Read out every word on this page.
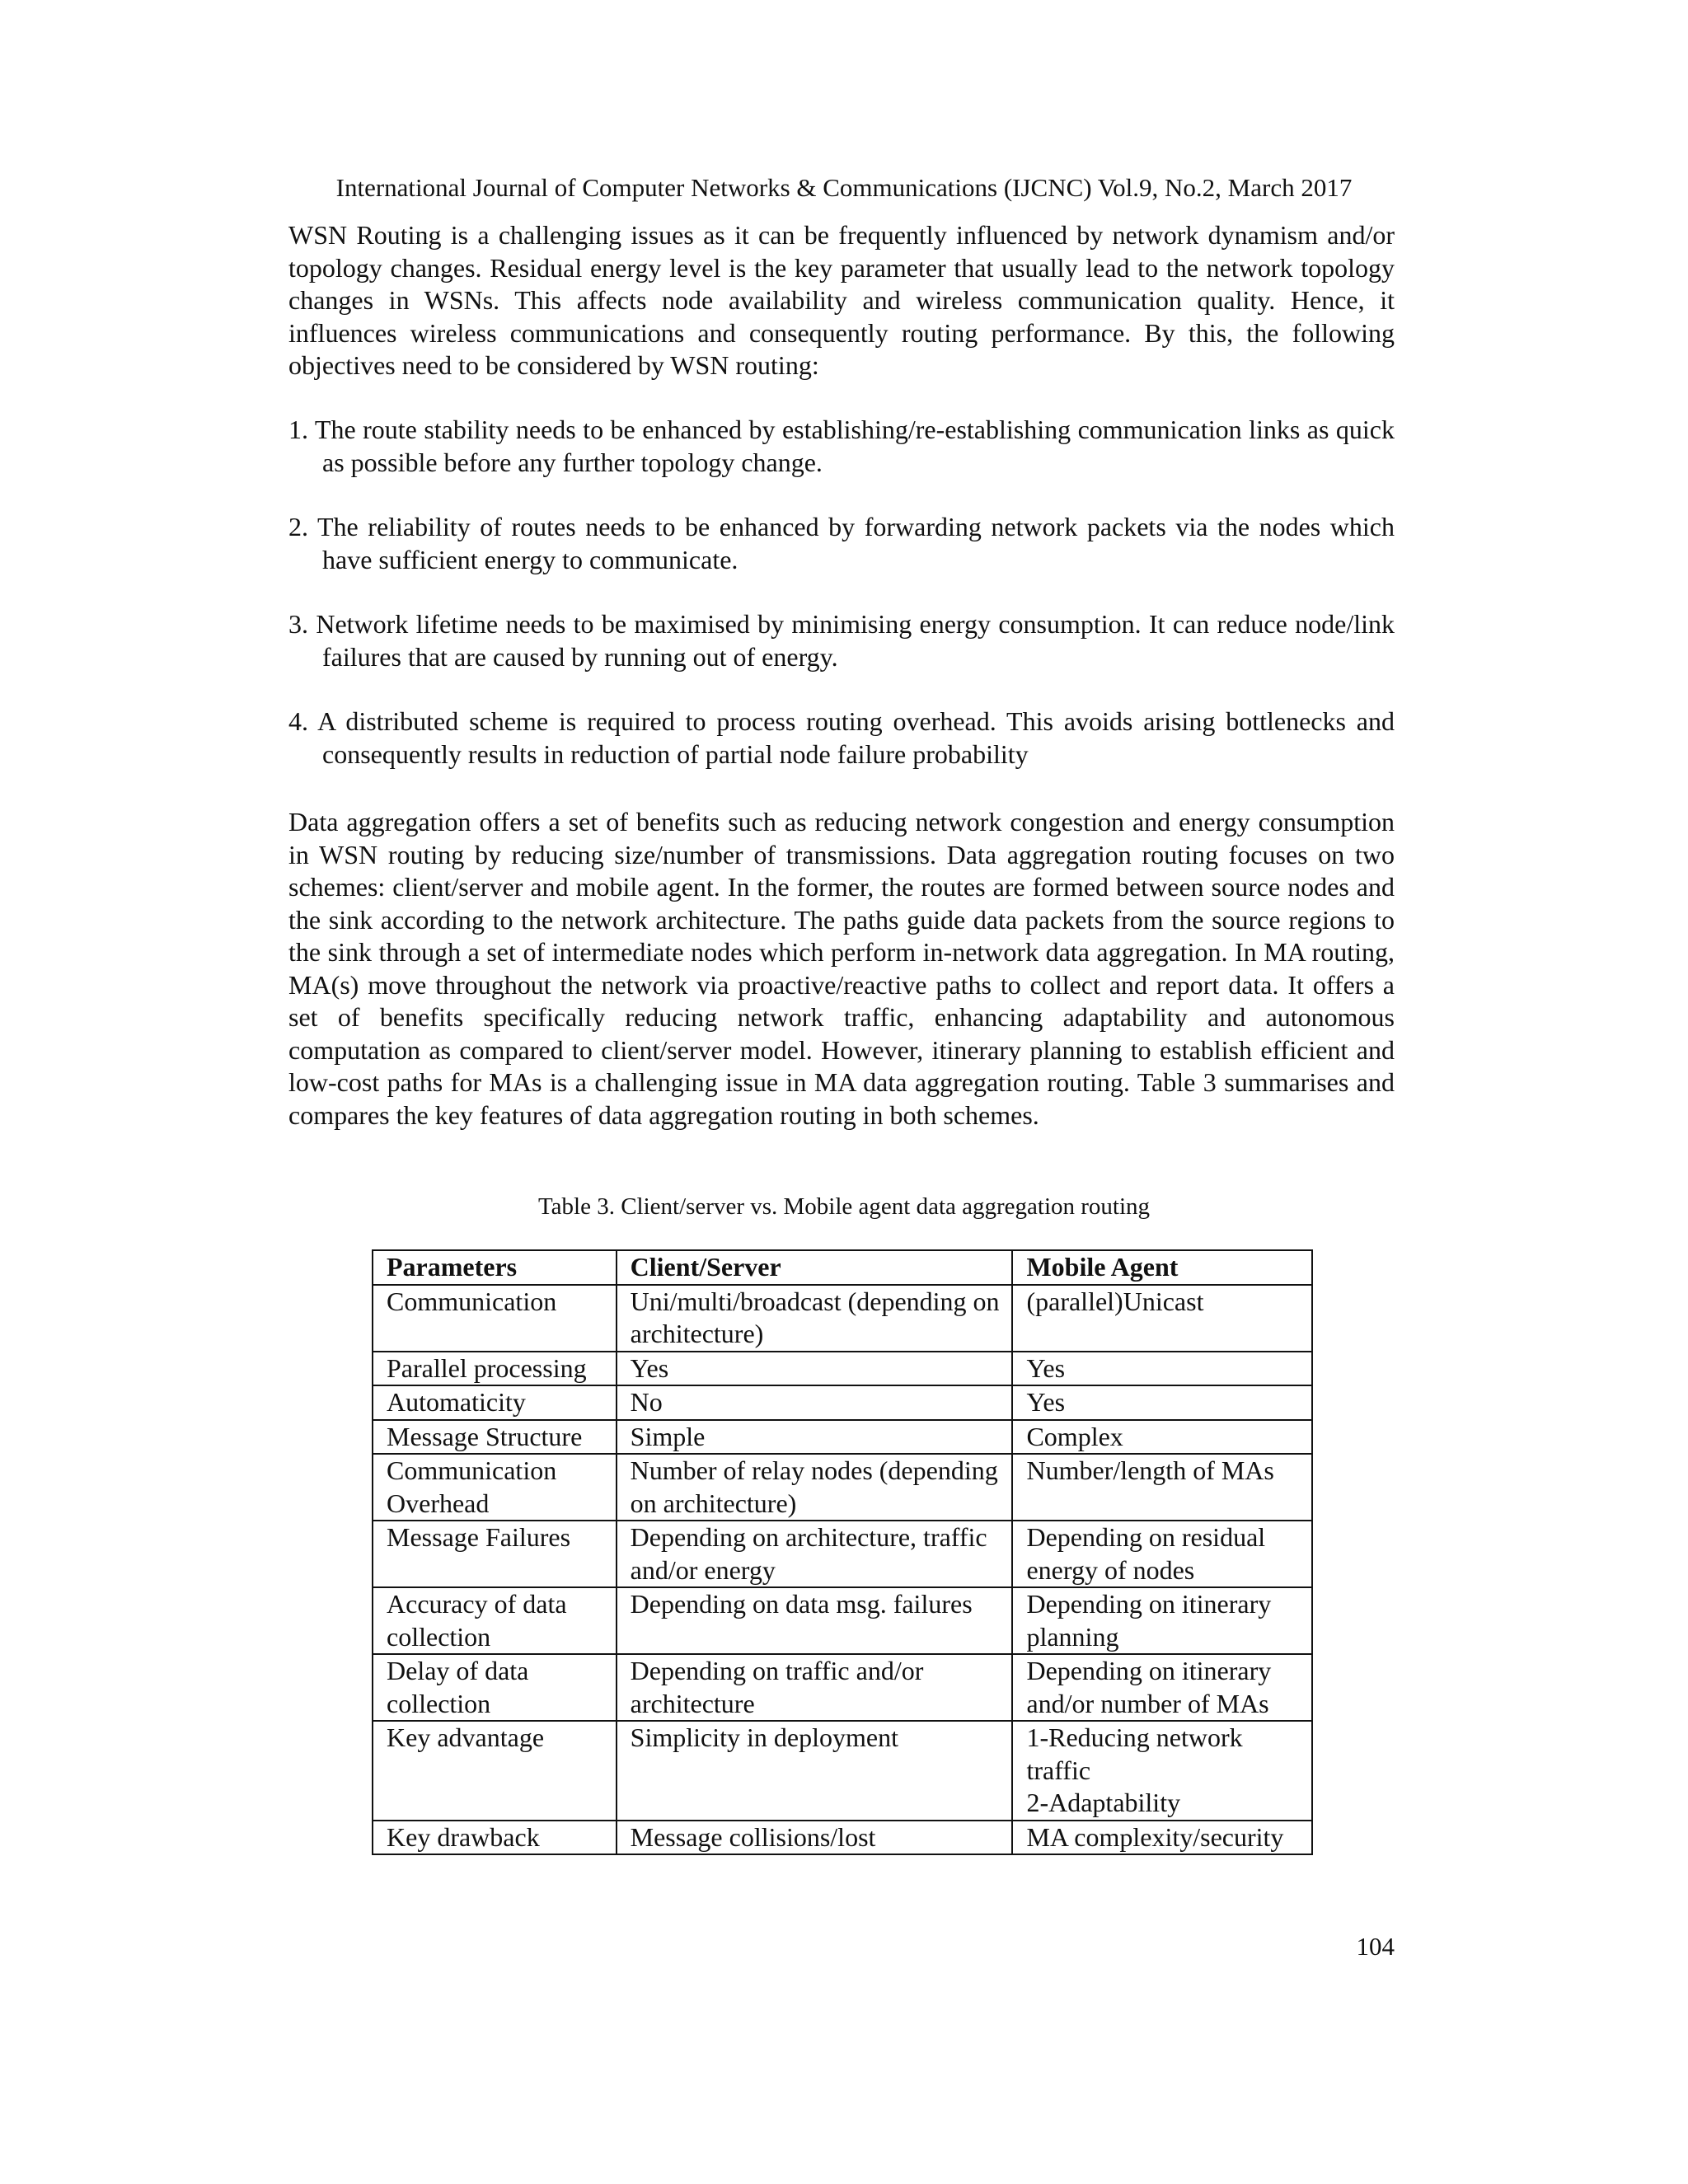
International Journal of Computer Networks & Communications (IJCNC) Vol.9, No.2, March 2017

WSN Routing is a challenging issues as it can be frequently influenced by network dynamism and/or topology changes. Residual energy level is the key parameter that usually lead to the network topology changes in WSNs. This affects node availability and wireless communication quality. Hence, it influences wireless communications and consequently routing performance. By this, the following objectives need to be considered by WSN routing:

1. The route stability needs to be enhanced by establishing/re-establishing communication links as quick as possible before any further topology change.

2. The reliability of routes needs to be enhanced by forwarding network packets via the nodes which have sufficient energy to communicate.

3. Network lifetime needs to be maximised by minimising energy consumption. It can reduce node/link failures that are caused by running out of energy.

4. A distributed scheme is required to process routing overhead. This avoids arising bottlenecks and consequently results in reduction of partial node failure probability

Data aggregation offers a set of benefits such as reducing network congestion and energy consumption in WSN routing by reducing size/number of transmissions. Data aggregation routing focuses on two schemes: client/server and mobile agent. In the former, the routes are formed between source nodes and the sink according to the network architecture. The paths guide data packets from the source regions to the sink through a set of intermediate nodes which perform in-network data aggregation. In MA routing, MA(s) move throughout the network via proactive/reactive paths to collect and report data. It offers a set of benefits specifically reducing network traffic, enhancing adaptability and autonomous computation as compared to client/server model. However, itinerary planning to establish efficient and low-cost paths for MAs is a challenging issue in MA data aggregation routing. Table 3 summarises and compares the key features of data aggregation routing in both schemes.

Table 3. Client/server vs. Mobile agent data aggregation routing
Parameters	Client/Server	Mobile Agent
Communication	Uni/multi/broadcast (depending on architecture)	(parallel)Unicast
Parallel processing	Yes	Yes
Automaticity	No	Yes
Message Structure	Simple	Complex
Communication Overhead	Number of relay nodes (depending on architecture)	Number/length of MAs
Message Failures	Depending on architecture, traffic and/or energy	Depending on residual energy of nodes
Accuracy of data collection	Depending on data msg. failures	Depending on itinerary planning
Delay of data collection	Depending on traffic and/or architecture	Depending on itinerary and/or number of MAs
Key advantage	Simplicity in deployment	1-Reducing network traffic
2-Adaptability
Key drawback	Message collisions/lost	MA complexity/security
104
